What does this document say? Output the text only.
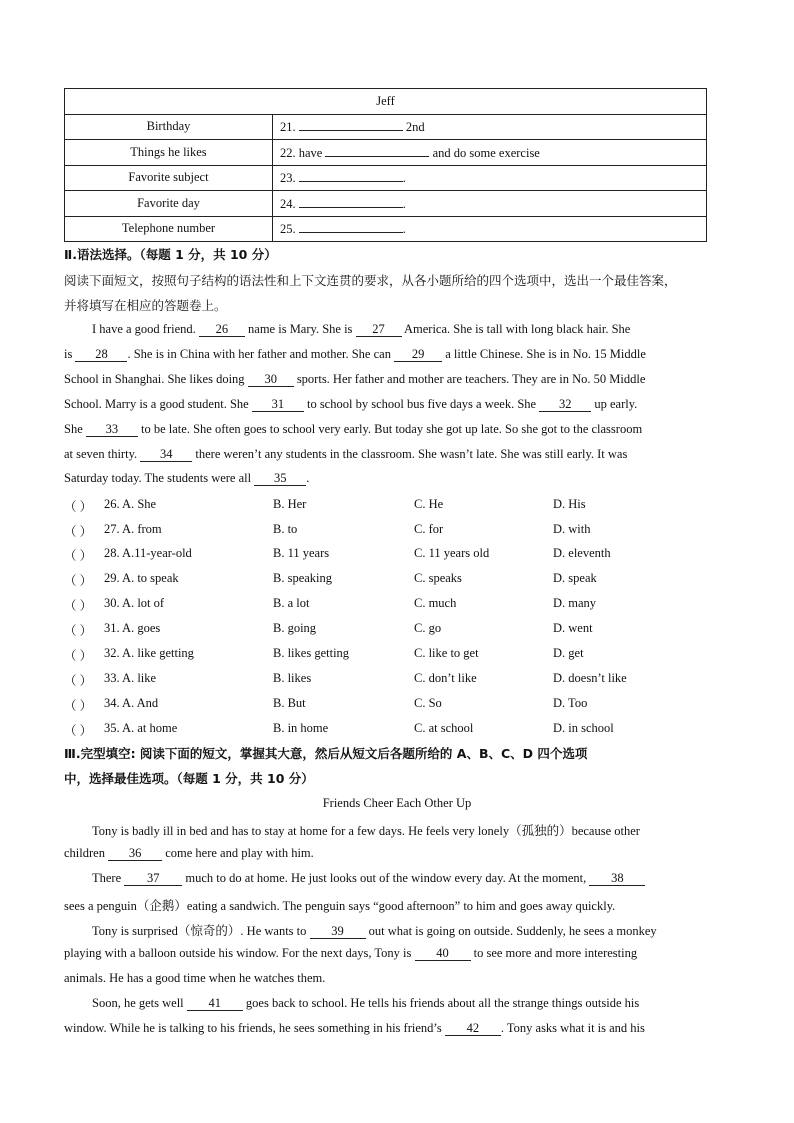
Jeff	
Birthday	21. 2nd
Things he likes	22. have and do some exercise
Favorite subject	23. .
Favorite day	24. .
Telephone number	25. .
Ⅱ.语法选择。（每题 1 分，共 10 分）
阅读下面短文，按照句子结构的语法性和上下文连贯的要求，从各小题所给的四个选项中，选出一个最佳答案，
并将填写在相应的答题卷上。
I have a good friend. 26 name is Mary. She is 27 America. She is tall with long black hair. She
is 28 . She is in China with her father and mother. She can 29 a little Chinese. She is in No. 15 Middle
School in Shanghai. She likes doing 30 sports. Her father and mother are teachers. They are in No. 50 Middle
School. Marry is a good student. She 31 to school by school bus five days a week. She 32 up early.
She 33 to be late. She often goes to school very early. But today she got up late. So she got to the classroom
at seven thirty. 34 there weren’t any students in the classroom. She wasn’t late. She was still early. It was
Saturday today. The students were all 35 .
（ ） 26. A. She	B. Her	C. He	D. His
（ ） 27. A. from	B. to	C. for	D. with
（ ） 28. A.11-year-old	B. 11 years	C. 11 years old	D. eleventh
（ ） 29. A. to speak	B. speaking	C. speaks	D. speak
（ ） 30. A. lot of	B. a lot	C. much	D. many
（ ） 31. A. goes	B. going	C. go	D. went
（ ） 32. A. like getting	B. likes getting	C. like to get	D. get
（ ） 33. A. like	B. likes	C. don’t like	D. doesn’t like
（ ） 34. A. And	B. But	C. So	D. Too
（ ） 35. A. at home	B. in home	C. at school	D. in school
Ⅲ.完型填空: 阅读下面的短文，掌握其大意，然后从短文后各题所给的 A、B、C、D 四个选项
中，选择最佳选项。（每题 1 分，共 10 分）
Friends Cheer Each Other Up
Tony is badly ill in bed and has to stay at home for a few days. He feels very lonely（孤独的）because other
children 36 come here and play with him.
There 37 much to do at home. He just looks out of the window every day. At the moment, 38
sees a penguin（企鹅）eating a sandwich. The penguin says “good afternoon” to him and goes away quickly.
Tony is surprised（惊奇的）. He wants to 39 out what is going on outside. Suddenly, he sees a monkey
playing with a balloon outside his window. For the next days, Tony is 40 to see more and more interesting
animals. He has a good time when he watches them.
Soon, he gets well 41 goes back to school. He tells his friends about all the strange things outside his
window. While he is talking to his friends, he sees something in his friend’s 42 . Tony asks what it is and his
